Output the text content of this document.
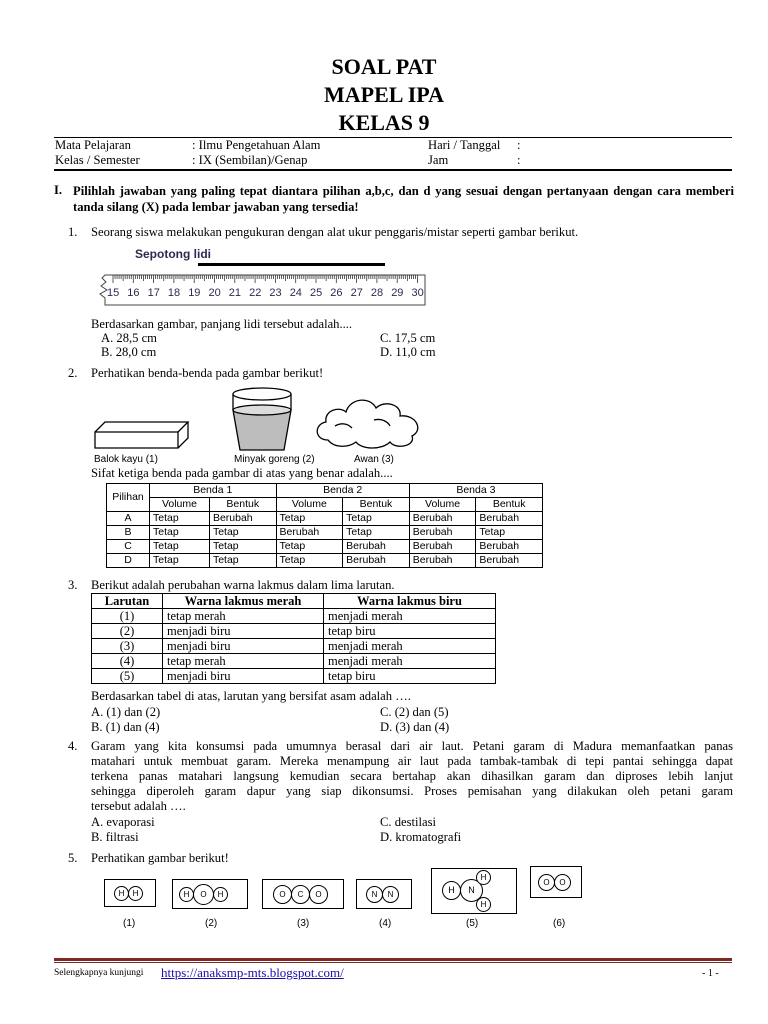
SOAL PAT
MAPEL IPA
KELAS 9
Mata Pelajaran	: Ilmu Pengetahuan Alam	Hari / Tanggal :
Kelas / Semester	: IX (Sembilan)/Genap	Jam	:
I. Pilihlah jawaban yang paling tepat diantara pilihan a,b,c, dan d yang sesuai dengan pertanyaan dengan cara memberi tanda silang (X) pada lembar jawaban yang tersedia!
1. Seorang siswa melakukan pengukuran dengan alat ukur penggaris/mistar seperti gambar berikut.
Sepotong lidi
15 16 17 18 19 20 21 22 23 24 25 26 27 28 29 30
Berdasarkan gambar, panjang lidi tersebut adalah....
A. 28,5 cm	C. 17,5 cm
B. 28,0 cm	D. 11,0 cm
2. Perhatikan benda-benda pada gambar berikut!
Balok kayu (1)	Minyak goreng (2)	Awan (3)
Sifat ketiga benda pada gambar di atas yang benar adalah....
Pilihan	Benda 1		Benda 2		Benda 3	
	Volume	Bentuk	Volume	Bentuk	Volume	Bentuk
A	Tetap	Berubah	Tetap	Tetap	Berubah	Berubah
B	Tetap	Tetap	Berubah	Tetap	Berubah	Tetap
C	Tetap	Tetap	Tetap	Berubah	Berubah	Berubah
D	Tetap	Tetap	Tetap	Berubah	Berubah	Berubah
3. Berikut adalah perubahan warna lakmus dalam lima larutan.
Larutan	Warna lakmus merah	Warna lakmus biru
(1)	tetap merah	menjadi merah
(2)	menjadi biru	tetap biru
(3)	menjadi biru	menjadi merah
(4)	tetap merah	menjadi merah
(5)	menjadi biru	tetap biru
Berdasarkan tabel di atas, larutan yang bersifat asam adalah ….
A. (1) dan (2)	C. (2) dan (5)
B. (1) dan (4)	D. (3) dan (4)
4. Garam yang kita konsumsi pada umumnya berasal dari air laut. Petani garam di Madura memanfaatkan panas
matahari untuk membuat garam. Mereka menampung air laut pada tambak-tambak di tepi pantai sehingga dapat
terkena panas matahari langsung kemudian secara bertahap akan dihasilkan garam dan diproses lebih lanjut
sehingga diperoleh garam dapur yang siap dikonsumsi. Proses pemisahan yang dilakukan oleh petani garam
tersebut adalah ….
A. evaporasi	C. destilasi
B. filtrasi	D. kromatografi
5. Perhatikan gambar berikut!
H	H	H	O	H	O	C	O	N	N	H	N
H
H
O	O
(1)	(2)	(3)	(4)	(5)	(6)
Selengkapnya kunjungi https://anaksmp-mts.blogspot.com/	- 1 -
